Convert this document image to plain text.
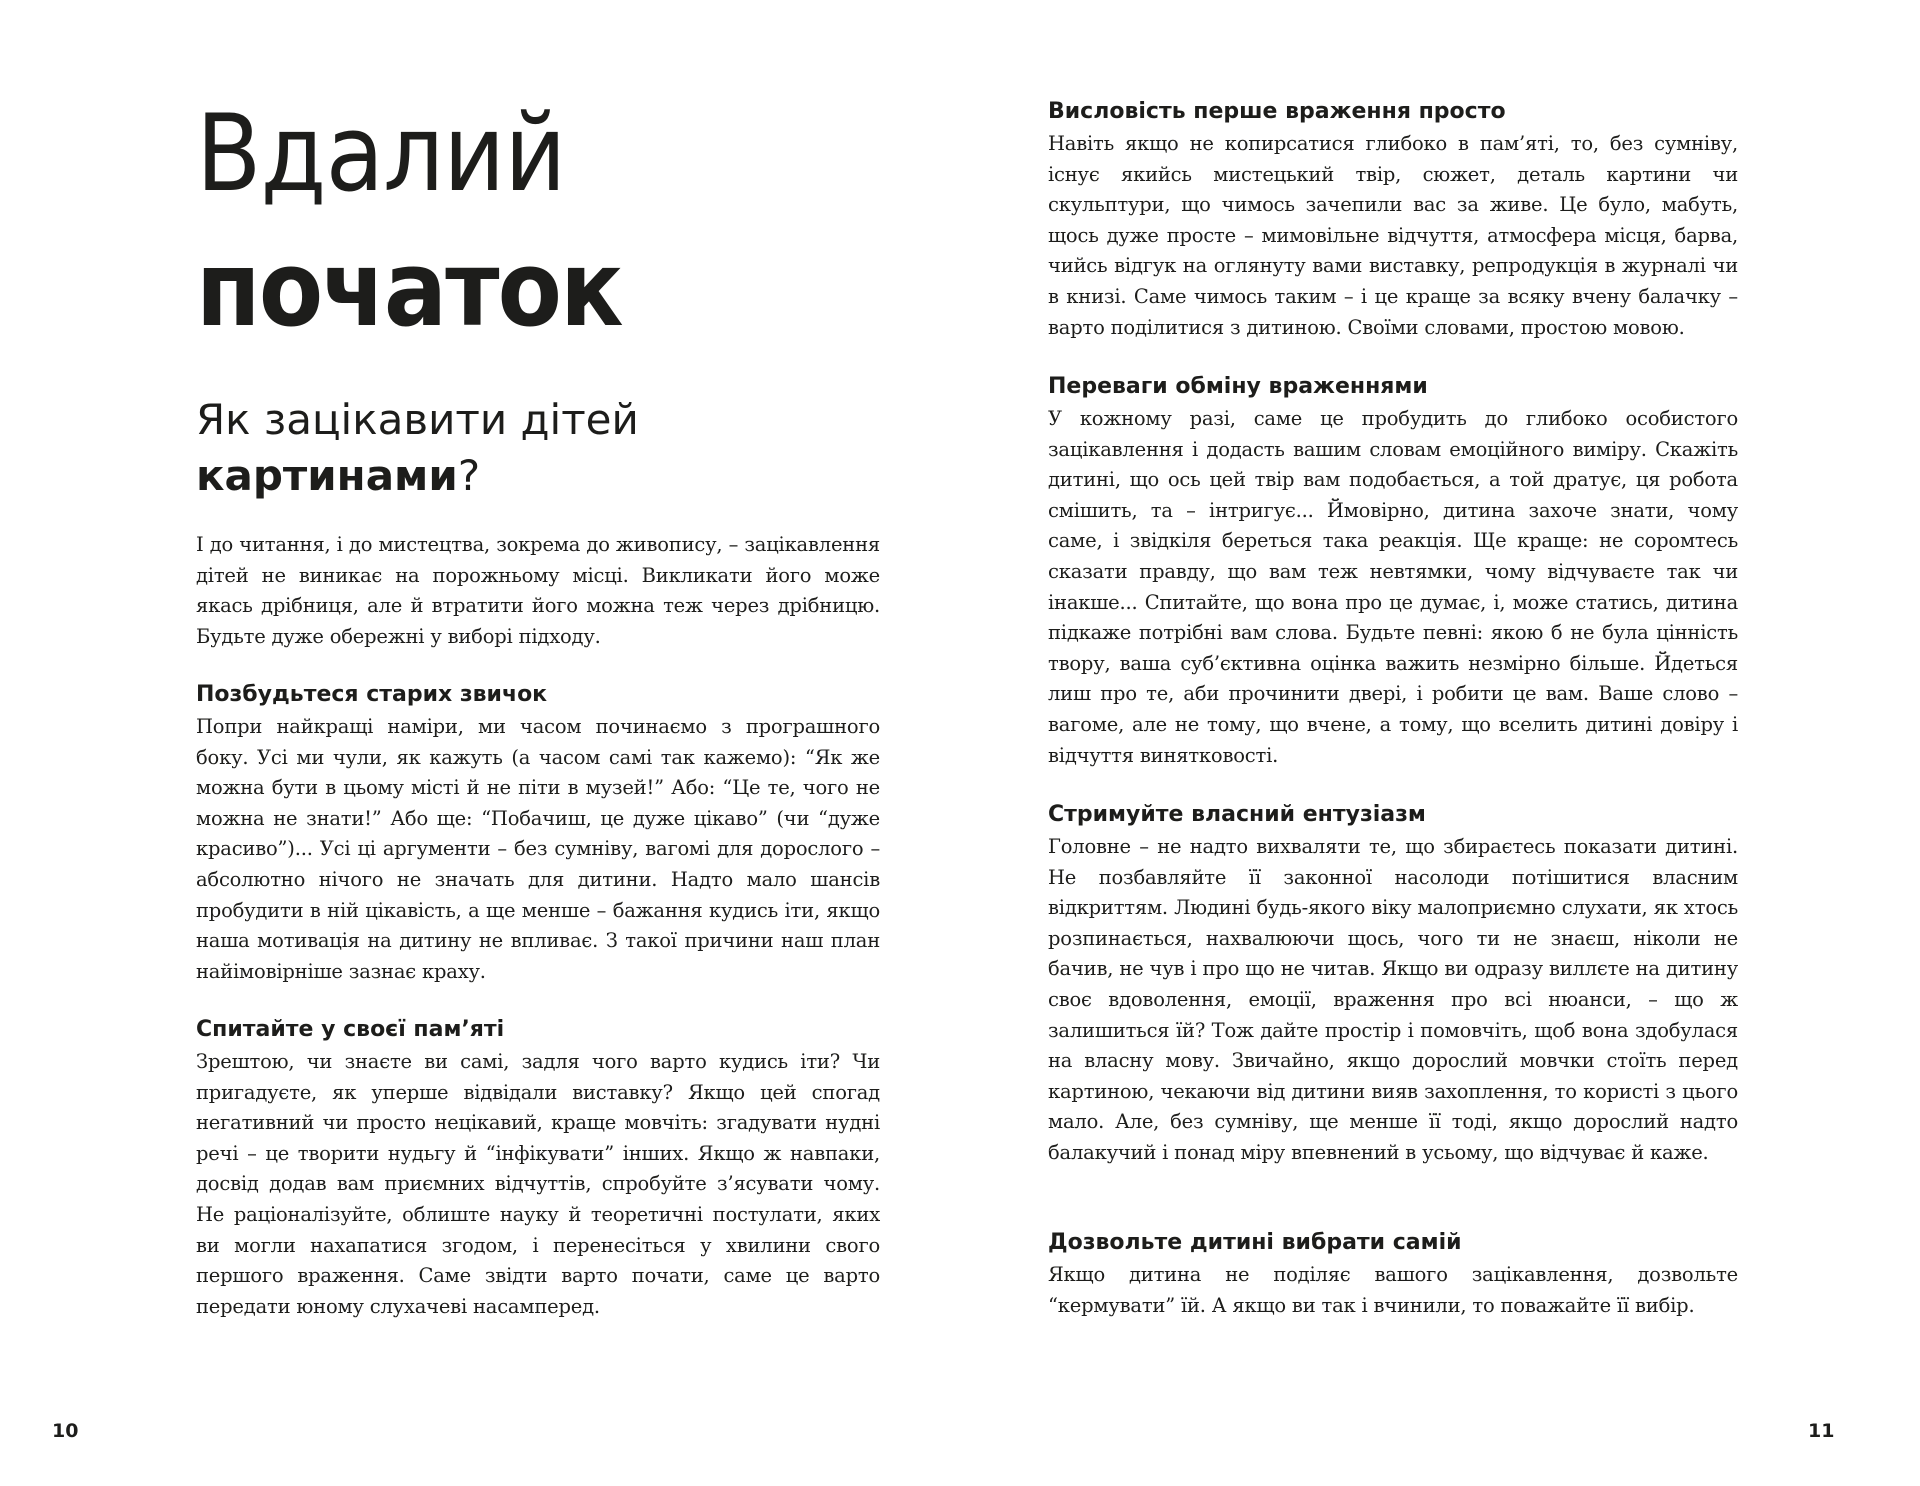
Вдалий
початок
Як зацікавити дітей
картинами?

І до читання, і до мистецтва, зокрема до живопису, – зацікавлення дітей не виникає на порожньому місці. Викликати його може якась дрібниця, але й втратити його можна теж через дрібницю. Будьте дуже обережні у виборі підходу.

Позбудьтеся старих звичок

Попри найкращі наміри, ми часом починаємо з програшного боку. Усі ми чули, як кажуть (а часом самі так кажемо): “Як же можна бути в цьому місті й не піти в музей!” Або: “Це те, чого не можна не знати!” Або ще: “Побачиш, це дуже цікаво” (чи “дуже красиво”)... Усі ці аргументи – без сумніву, вагомі для дорослого – абсолютно нічого не значать для дитини. Надто мало шансів пробудити в ній цікавість, а ще менше – бажання кудись іти, якщо наша мотивація на дитину не впливає. З такої причини наш план найімовірніше зазнає краху.

Спитайте у своєї пам’яті

Зрештою, чи знаєте ви самі, задля чого варто кудись іти? Чи пригадуєте, як уперше відвідали виставку? Якщо цей спогад негативний чи просто нецікавий, краще мовчіть: згадувати нудні речі – це творити нудьгу й “інфікувати” інших. Якщо ж навпаки, досвід додав вам приємних відчуттів, спробуйте з’ясувати чому. Не раціоналізуйте, облиште науку й теоретичні постулати, яких ви могли нахапатися згодом, і перенесіться у хвилини свого першого враження. Саме звідти варто почати, саме це варто передати юному слухачеві насамперед.

10

Висловість перше враження просто

Навіть якщо не копирсатися глибоко в пам’яті, то, без сумніву, існує якийсь мистецький твір, сюжет, деталь картини чи скульптури, що чимось зачепили вас за живе. Це було, мабуть, щось дуже просте – мимовільне відчуття, атмосфера місця, барва, чийсь відгук на оглянуту вами виставку, репродукція в журналі чи в книзі. Саме чимось таким – і це краще за всяку вчену балачку – варто поділитися з дитиною. Своїми словами, простою мовою.

Переваги обміну враженнями

У кожному разі, саме це пробудить до глибоко особистого зацікавлення і додасть вашим словам емоційного виміру. Скажіть дитині, що ось цей твір вам подобається, а той дратує, ця робота смішить, та – інтригує... Ймовірно, дитина захоче знати, чому саме, і звідкіля береться така реакція. Ще краще: не соромтесь сказати правду, що вам теж невтямки, чому відчуваєте так чи інакше... Спитайте, що вона про це думає, і, може статись, дитина підкаже потрібні вам слова. Будьте певні: якою б не була цінність твору, ваша суб’єктивна оцінка важить незмірно більше. Йдеться лиш про те, аби прочинити двері, і робити це вам. Ваше слово – вагоме, але не тому, що вчене, а тому, що вселить дитині довіру і відчуття винятковості.

Стримуйте власний ентузіазм

Головне – не надто вихваляти те, що збираєтесь показати дитині. Не позбавляйте її законної насолоди потішитися власним відкриттям. Людині будь-якого віку малоприємно слухати, як хтось розпинається, нахвалюючи щось, чого ти не знаєш, ніколи не бачив, не чув і про що не читав. Якщо ви одразу виллєте на дитину своє вдоволення, емоції, враження про всі нюанси, – що ж залишиться їй? Тож дайте простір і помовчіть, щоб вона здобулася на власну мову. Звичайно, якщо дорослий мовчки стоїть перед картиною, чекаючи від дитини вияв захоплення, то користі з цього мало. Але, без сумніву, ще менше її тоді, якщо дорослий надто балакучий і понад міру впевнений в усьому, що відчуває й каже.

Дозвольте дитині вибрати самій

Якщо дитина не поділяє вашого зацікавлення, дозвольте “кермувати” їй. А якщо ви так і вчинили, то поважайте її вибір.

11
